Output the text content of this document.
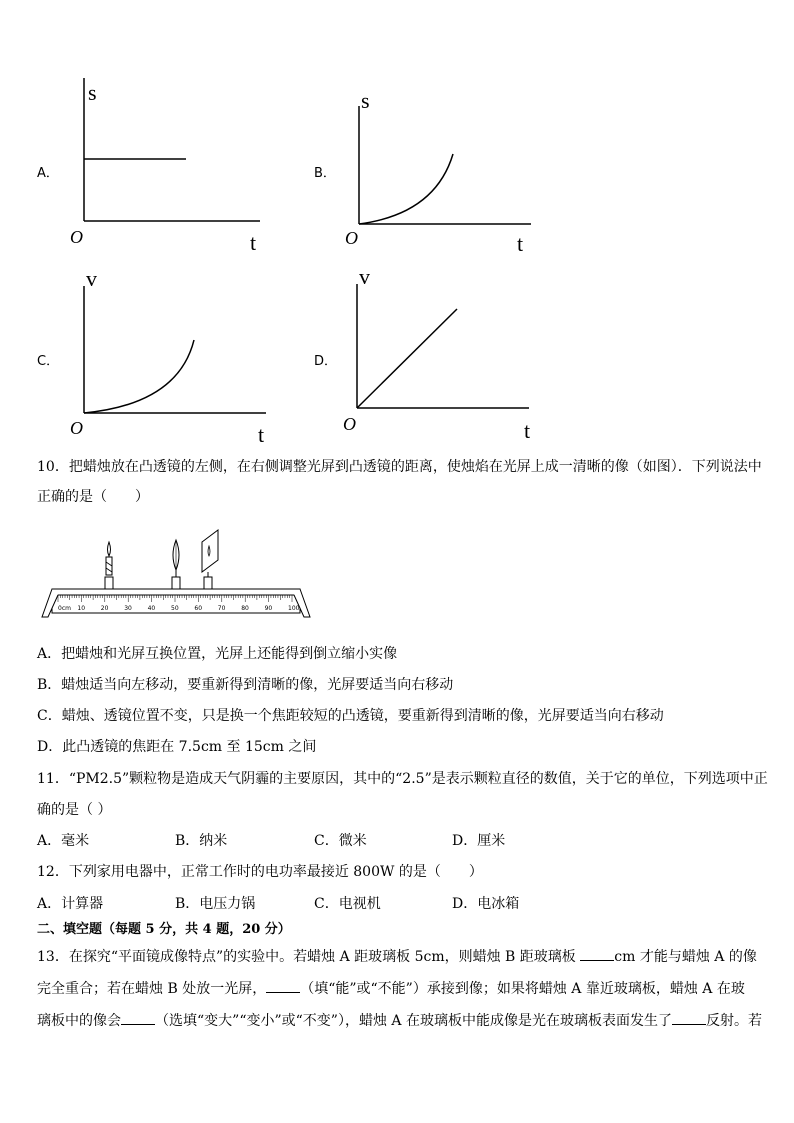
A．
s
t
O
B．
s
t
O
C．
v
t
O
D．
v
t
O
10．把蜡烛放在凸透镜的左侧，在右侧调整光屏到凸透镜的距离，使烛焰在光屏上成一清晰的像（如图）．下列说法中
正确的是（　　）
10	20	30	40	50	60	70	80	90	100
0cm
A．把蜡烛和光屏互换位置，光屏上还能得到倒立缩小实像
B．蜡烛适当向左移动，要重新得到清晰的像，光屏要适当向右移动
C．蜡烛、透镜位置不变，只是换一个焦距较短的凸透镜，要重新得到清晰的像，光屏要适当向右移动
D．此凸透镜的焦距在 7.5cm 至 15cm 之间
11．“PM2.5”颗粒物是造成天气阴霾的主要原因，其中的“2.5”是表示颗粒直径的数值，关于它的单位，下列选项中正
确的是（ ）
A．毫米	B．纳米	C．微米	D．厘米
12．下列家用电器中，正常工作时的电功率最接近 800W 的是（　　）
A．计算器	B．电压力锅	C．电视机	D．电冰箱
二、填空题（每题 5 分，共 4 题，20 分）
13．在探究“平面镜成像特点”的实验中。若蜡烛 A 距玻璃板 5cm，则蜡烛 B 距玻璃板 cm 才能与蜡烛 A 的像
完全重合；若在蜡烛 B 处放一光屏， （填“能”或“不能”）承接到像；如果将蜡烛 A 靠近玻璃板，蜡烛 A 在玻
璃板中的像会 （选填“变大”“变小”或“不变”），蜡烛 A 在玻璃板中能成像是光在玻璃板表面发生了 反射。若
